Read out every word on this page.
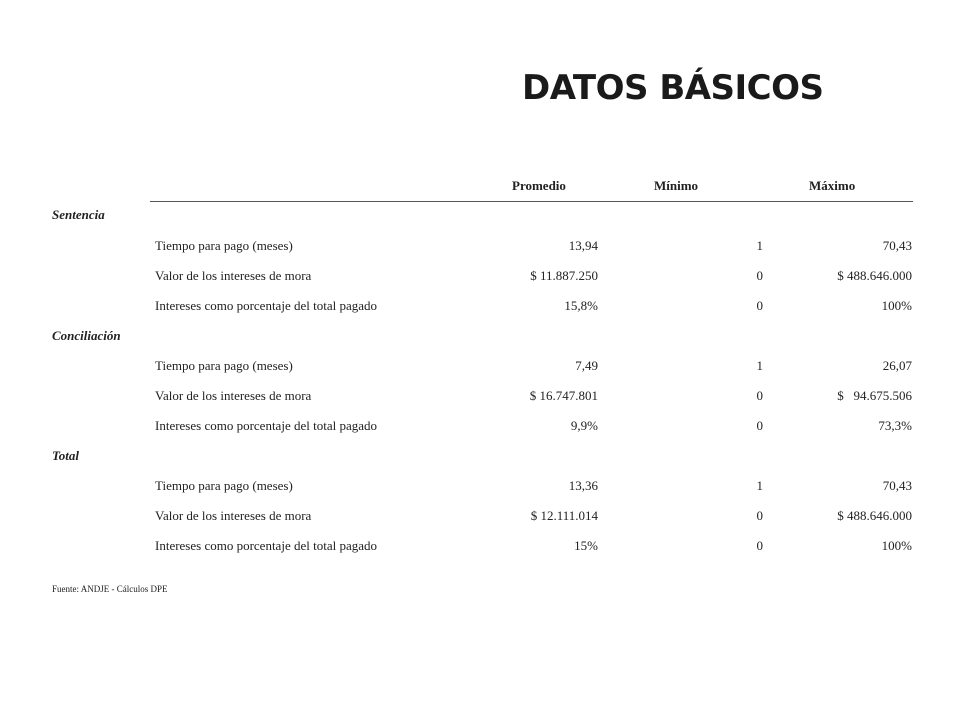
DATOS BÁSICOS
Promedio	Mínimo	Máximo
Sentencia
Tiempo para pago (meses)	13,94	1	70,43
Valor de los intereses de mora	$ 11.887.250	0	$ 488.646.000
Intereses como porcentaje del total pagado	15,8%	0	100%
Conciliación
Tiempo para pago (meses)	7,49	1	26,07
Valor de los intereses de mora	$ 16.747.801	0	$   94.675.506
Intereses como porcentaje del total pagado	9,9%	0	73,3%
Total
Tiempo para pago (meses)	13,36	1	70,43
Valor de los intereses de mora	$ 12.111.014	0	$ 488.646.000
Intereses como porcentaje del total pagado	15%	0	100%
Fuente: ANDJE - Cálculos DPE
